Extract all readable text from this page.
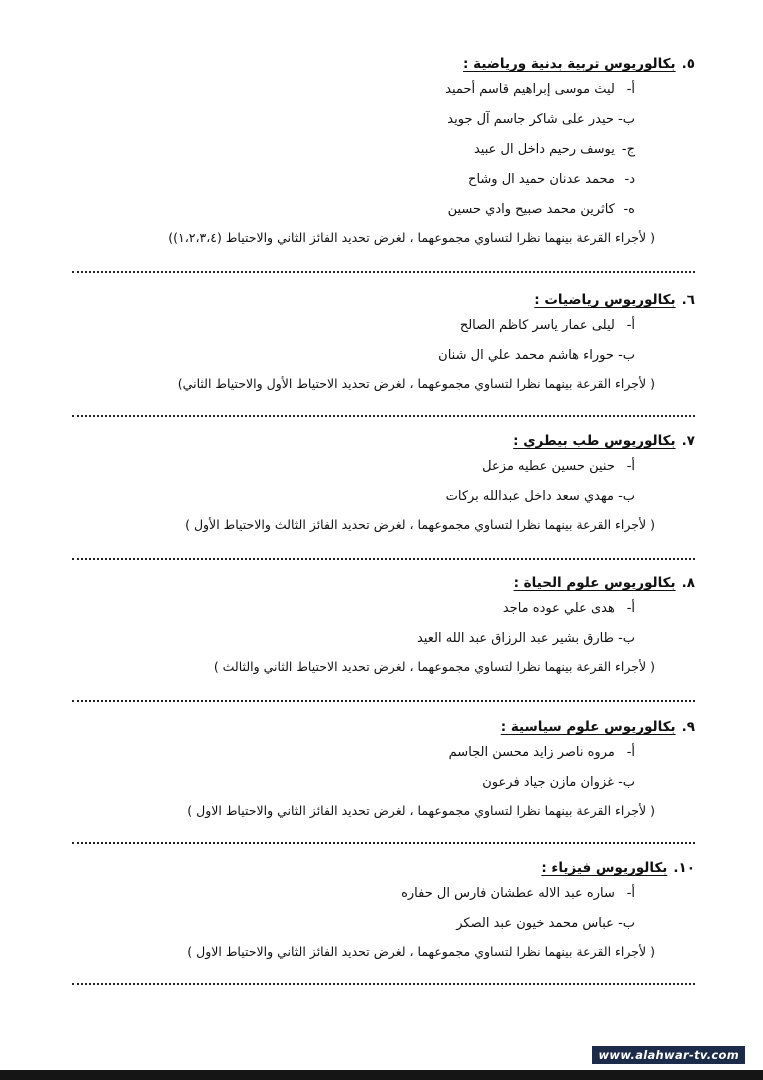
٥.بكالوريوس تربية بدنية ورياضية :
أ- ليث موسى إبراهيم قاسم أحميد
ب- حيدر على شاكر جاسم آل جويد
ج- يوسف رحيم داخل ال عبيد
د- محمد عدنان حميد ال وشاح
ه- كاثرين محمد صبيح وادي حسين
( لأجراء القرعة بينهما نظرا لتساوي مجموعهما ، لغرض تحديد الفائز الثاني والاحتياط (١،٢،٣،٤))
٦.بكالوريوس رياضيات :
أ- ليلى عمار ياسر كاظم الصالح
ب- حوراء هاشم محمد علي ال شنان
( لأجراء القرعة بينهما نظرا لتساوي مجموعهما ، لغرض تحديد الاحتياط الأول والاحتياط الثاني)
٧.بكالوريوس طب بيطري :
أ- حنين حسين عطيه مزعل
ب- مهدي سعد داخل عبدالله بركات
( لأجراء القرعة بينهما نظرا لتساوي مجموعهما ، لغرض تحديد الفائز الثالث والاحتياط الأول )
٨.بكالوريوس علوم الحياة :
أ- هدى علي عوده ماجد
ب- طارق بشير عبد الرزاق عبد الله العيد
( لأجراء القرعة بينهما نظرا لتساوي مجموعهما ، لغرض تحديد الاحتياط الثاني والثالث )
٩.بكالوريوس علوم سياسية :
أ- مروه ناصر زايد محسن الجاسم
ب- غزوان مازن جياد فرعون
( لأجراء القرعة بينهما نظرا لتساوي مجموعهما ، لغرض تحديد الفائز الثاني والاحتياط الاول )
١٠.بكالوريوس فيزياء :
أ- ساره عبد الاله عطشان فارس ال حفاره
ب- عباس محمد خيون عبد الصكر
( لأجراء القرعة بينهما نظرا لتساوي مجموعهما ، لغرض تحديد الفائز الثاني والاحتياط الاول )
www.alahwar-tv.com
